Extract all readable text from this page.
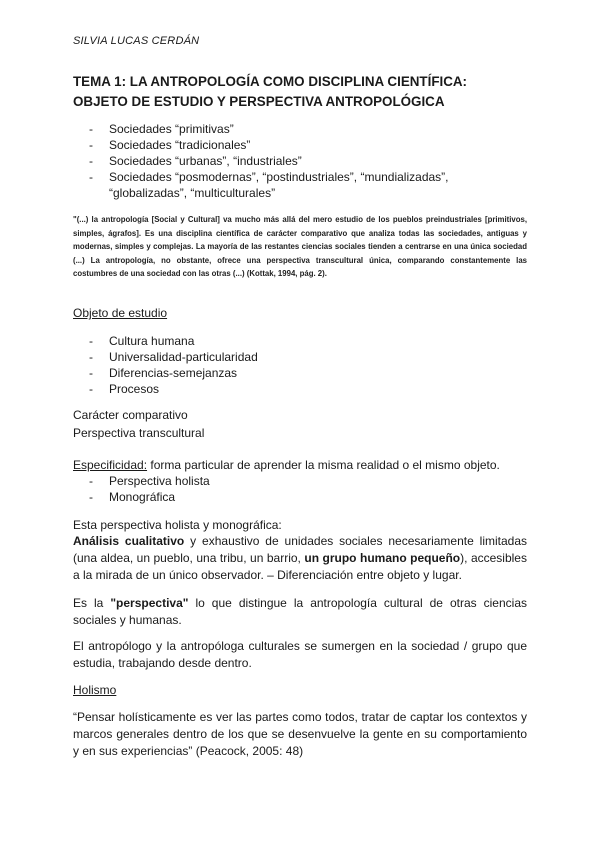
SILVIA LUCAS CERDÁN
TEMA 1: LA ANTROPOLOGÍA COMO DISCIPLINA CIENTÍFICA:
OBJETO DE ESTUDIO Y PERSPECTIVA ANTROPOLÓGICA
- Sociedades “primitivas”
- Sociedades “tradicionales”
- Sociedades “urbanas”, “industriales”
- Sociedades “posmodernas”, “postindustriales”, “mundializadas”, “globalizadas”, “multiculturales”
"(...) la antropología [Social y Cultural] va mucho más allá del mero estudio de los pueblos preindustriales [primitivos, simples, ágrafos]. Es una disciplina científica de carácter comparativo que analiza todas las sociedades, antiguas y modernas, simples y complejas. La mayoría de las restantes ciencias sociales tienden a centrarse en una única sociedad (...) La antropología, no obstante, ofrece una perspectiva transcultural única, comparando constantemente las costumbres de una sociedad con las otras (...) (Kottak, 1994, pág. 2).
Objeto de estudio
- Cultura humana
- Universalidad-particularidad
- Diferencias-semejanzas
- Procesos
Carácter comparativo
Perspectiva transcultural
Especificidad: forma particular de aprender la misma realidad o el mismo objeto.
- Perspectiva holista
- Monográfica
Esta perspectiva holista y monográfica:
Análisis cualitativo y exhaustivo de unidades sociales necesariamente limitadas (una aldea, un pueblo, una tribu, un barrio, un grupo humano pequeño), accesibles a la mirada de un único observador. – Diferenciación entre objeto y lugar.
Es la "perspectiva" lo que distingue la antropología cultural de otras ciencias sociales y humanas.
El antropólogo y la antropóloga culturales se sumergen en la sociedad / grupo que estudia, trabajando desde dentro.
Holismo
“Pensar holísticamente es ver las partes como todos, tratar de captar los contextos y marcos generales dentro de los que se desenvuelve la gente en su comportamiento y en sus experiencias” (Peacock, 2005: 48)
